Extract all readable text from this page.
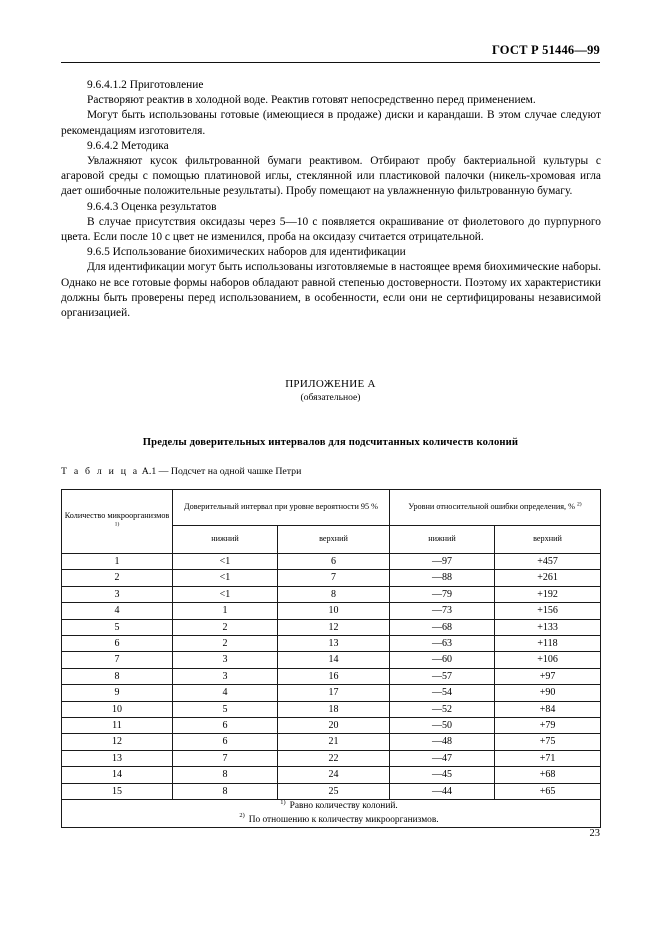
ГОСТ Р 51446—99

9.6.4.1.2 Приготовление

Растворяют реактив в холодной воде. Реактив готовят непосредственно перед применением.

Могут быть использованы готовые (имеющиеся в продаже) диски и карандаши. В этом случае следуют рекомендациям изготовителя.

9.6.4.2 Методика

Увлажняют кусок фильтрованной бумаги реактивом. Отбирают пробу бактериальной культуры с агаровой среды с помощью платиновой иглы, стеклянной или пластиковой палочки (никель-хромовая игла дает ошибочные положительные результаты). Пробу помещают на увлажненную фильтрованную бумагу.

9.6.4.3 Оценка результатов

В случае присутствия оксидазы через 5—10 с появляется окрашивание от фиолетового до пурпурного цвета. Если после 10 с цвет не изменился, проба на оксидазу считается отрицательной.

9.6.5 Использование биохимических наборов для идентификации

Для идентификации могут быть использованы изготовляемые в настоящее время биохимические наборы. Однако не все готовые формы наборов обладают равной степенью достоверности. Поэтому их характеристики должны быть проверены перед использованием, в особенности, если они не сертифицированы независимой организацией.

ПРИЛОЖЕНИЕ А
(обязательное)
Пределы доверительных интервалов для подсчитанных количеств колоний
Т а б л и ц а А.1 — Подсчет на одной чашке Петри
Количество микроорганизмов $^{1)}$	Доверительный интервал при уровне вероятности 95 %		Уровни относительной ошибки определения, % $^{2)}$
	нижний	верхний	нижний	верхний
1	<1	6	—97	+457
2	<1	7	—88	+261
3	<1	8	—79	+192
4	1	10	—73	+156
5	2	12	—68	+133
6	2	13	—63	+118
7	3	14	—60	+106
8	3	16	—57	+97
9	4	17	—54	+90
10	5	18	—52	+84
11	6	20	—50	+79
12	6	21	—48	+75
13	7	22	—47	+71
14	8	24	—45	+68
15	8	25	—44	+65

$^{1)}$ Равно количеству колоний.
$^{2)}$ По отношению к количеству микроорганизмов.				
23
